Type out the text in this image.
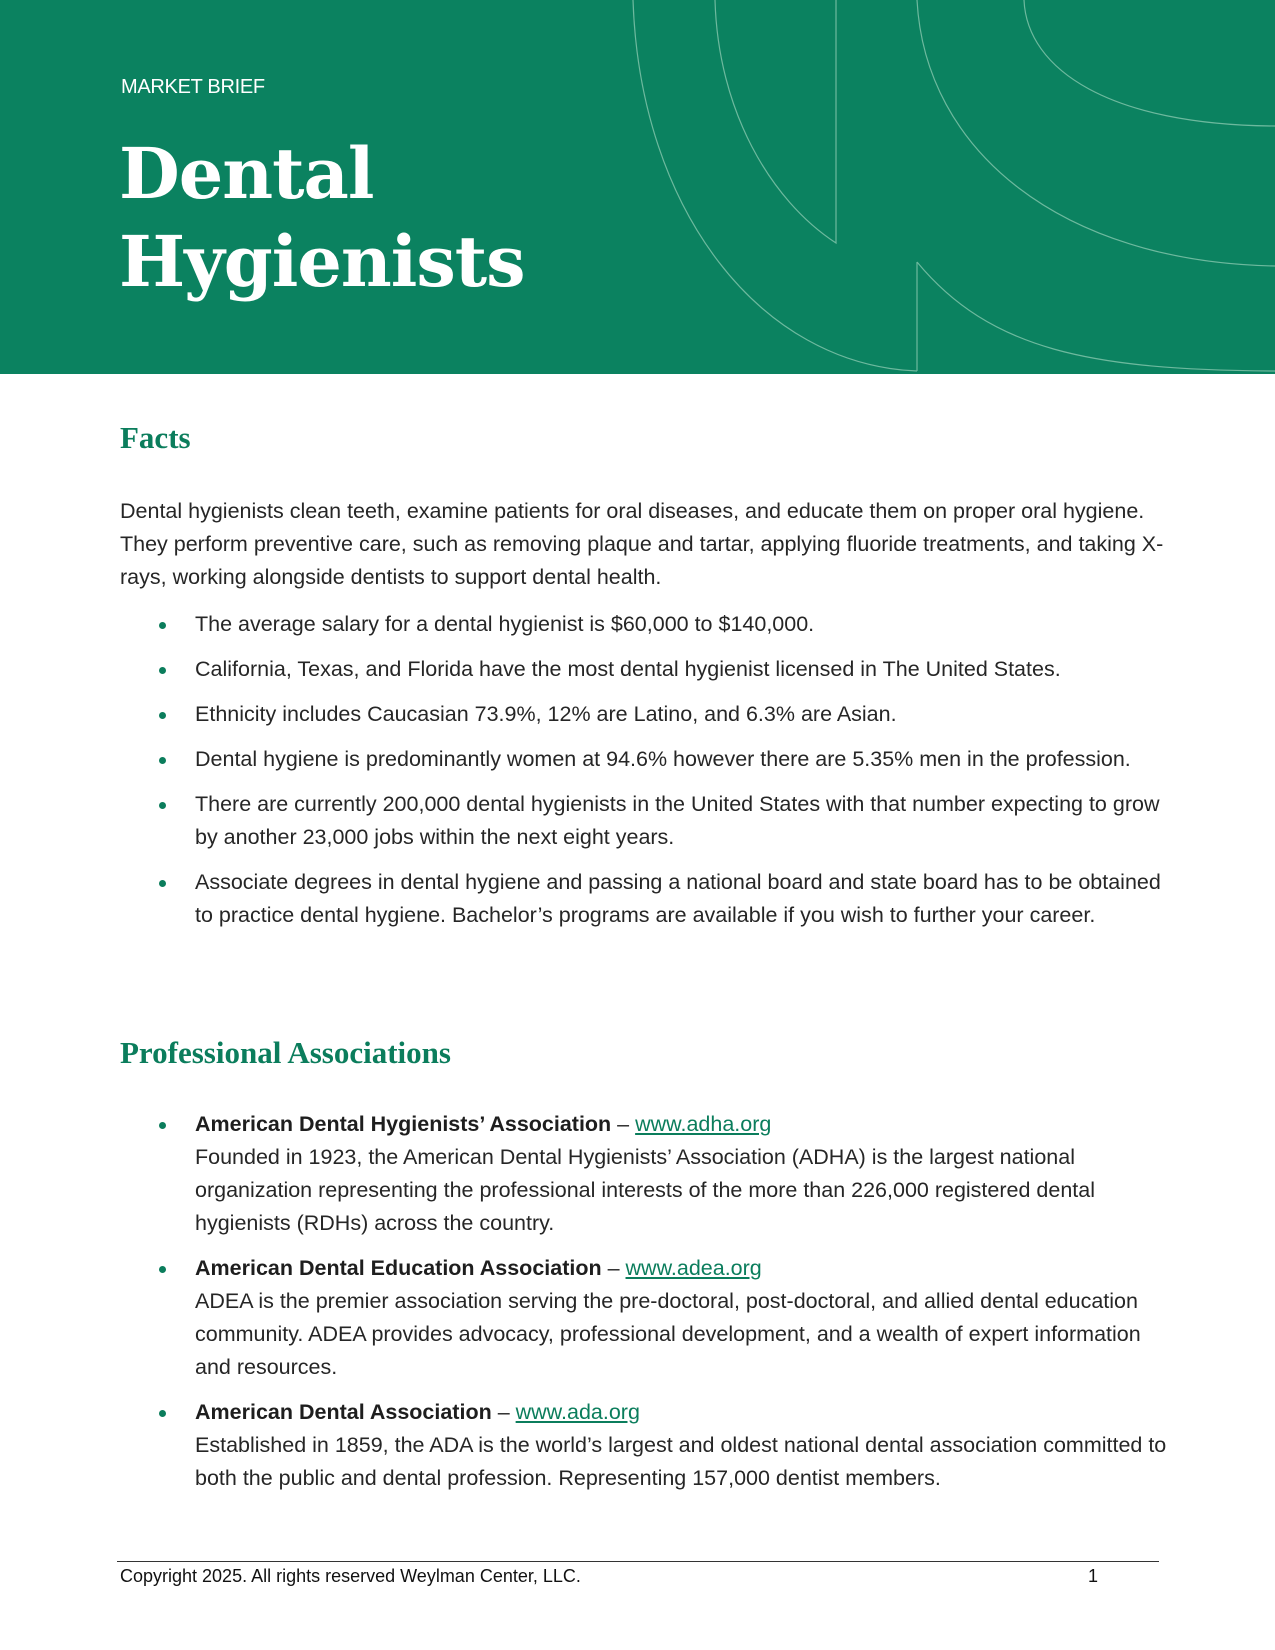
MARKET BRIEF
Dental
Hygienists
Facts
Dental hygienists clean teeth, examine patients for oral diseases, and educate them on proper oral hygiene. They perform preventive care, such as removing plaque and tartar, applying fluoride treatments, and taking X-rays, working alongside dentists to support dental health.
The average salary for a dental hygienist is $60,000 to $140,000.
California, Texas, and Florida have the most dental hygienist licensed in The United States.
Ethnicity includes Caucasian 73.9%, 12% are Latino, and 6.3% are Asian.
Dental hygiene is predominantly women at 94.6% however there are 5.35% men in the profession.
There are currently 200,000 dental hygienists in the United States with that number expecting to grow by another 23,000 jobs within the next eight years.
Associate degrees in dental hygiene and passing a national board and state board has to be obtained to practice dental hygiene. Bachelor’s programs are available if you wish to further your career.
Professional Associations
American Dental Hygienists’ Association – www.adha.org
Founded in 1923, the American Dental Hygienists’ Association (ADHA) is the largest national organization representing the professional interests of the more than 226,000 registered dental hygienists (RDHs) across the country.
American Dental Education Association – www.adea.org
ADEA is the premier association serving the pre-doctoral, post-doctoral, and allied dental education community. ADEA provides advocacy, professional development, and a wealth of expert information and resources.
American Dental Association – www.ada.org
Established in 1859, the ADA is the world’s largest and oldest national dental association committed to both the public and dental profession. Representing 157,000 dentist members.
Copyright 2025. All rights reserved Weylman Center, LLC.	1
